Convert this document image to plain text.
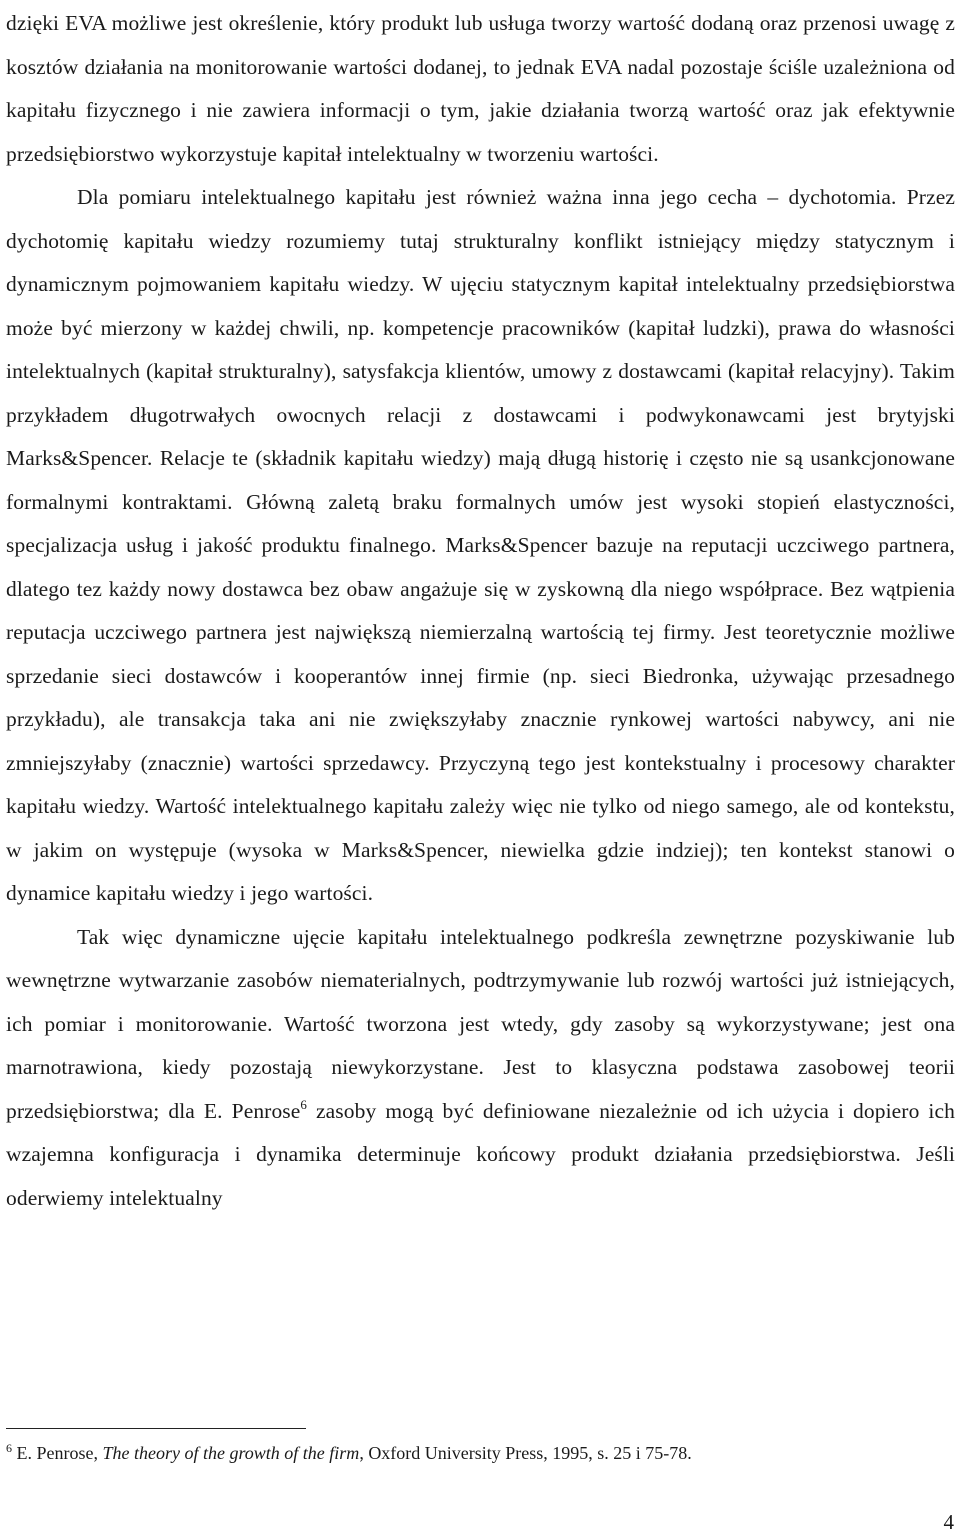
dzięki EVA możliwe jest określenie, który produkt lub usługa tworzy wartość dodaną oraz przenosi uwagę z kosztów działania na monitorowanie wartości dodanej, to jednak EVA nadal pozostaje ściśle uzależniona od kapitału fizycznego i nie zawiera informacji o tym, jakie działania tworzą wartość oraz jak efektywnie przedsiębiorstwo wykorzystuje kapitał intelektualny w tworzeniu wartości.

Dla pomiaru intelektualnego kapitału jest również ważna inna jego cecha – dychotomia. Przez dychotomię kapitału wiedzy rozumiemy tutaj strukturalny konflikt istniejący między statycznym i dynamicznym pojmowaniem kapitału wiedzy. W ujęciu statycznym kapitał intelektualny przedsiębiorstwa może być mierzony w każdej chwili, np. kompetencje pracowników (kapitał ludzki), prawa do własności intelektualnych (kapitał strukturalny), satysfakcja klientów, umowy z dostawcami (kapitał relacyjny). Takim przykładem długotrwałych owocnych relacji z dostawcami i podwykonawcami jest brytyjski Marks&Spencer. Relacje te (składnik kapitału wiedzy) mają długą historię i często nie są usankcjonowane formalnymi kontraktami. Główną zaletą braku formalnych umów jest wysoki stopień elastyczności, specjalizacja usług i jakość produktu finalnego. Marks&Spencer bazuje na reputacji uczciwego partnera, dlatego tez każdy nowy dostawca bez obaw angażuje się w zyskowną dla niego współprace. Bez wątpienia reputacja uczciwego partnera jest największą niemierzalną wartością tej firmy. Jest teoretycznie możliwe sprzedanie sieci dostawców i kooperantów innej firmie (np. sieci Biedronka, używając przesadnego przykładu), ale transakcja taka ani nie zwiększyłaby znacznie rynkowej wartości nabywcy, ani nie zmniejszyłaby (znacznie) wartości sprzedawcy. Przyczyną tego jest kontekstualny i procesowy charakter kapitału wiedzy. Wartość intelektualnego kapitału zależy więc nie tylko od niego samego, ale od kontekstu, w jakim on występuje (wysoka w Marks&Spencer, niewielka gdzie indziej); ten kontekst stanowi o dynamice kapitału wiedzy i jego wartości.

Tak więc dynamiczne ujęcie kapitału intelektualnego podkreśla zewnętrzne pozyskiwanie lub wewnętrzne wytwarzanie zasobów niematerialnych, podtrzymywanie lub rozwój wartości już istniejących, ich pomiar i monitorowanie. Wartość tworzona jest wtedy, gdy zasoby są wykorzystywane; jest ona marnotrawiona, kiedy pozostają niewykorzystane. Jest to klasyczna podstawa zasobowej teorii przedsiębiorstwa; dla E. Penrose$^6$ zasoby mogą być definiowane niezależnie od ich użycia i dopiero ich wzajemna konfiguracja i dynamika determinuje końcowy produkt działania przedsiębiorstwa. Jeśli oderwiemy intelektualny

$^6$ E. Penrose, The theory of the growth of the firm, Oxford University Press, 1995, s. 25 i 75-78.
4
